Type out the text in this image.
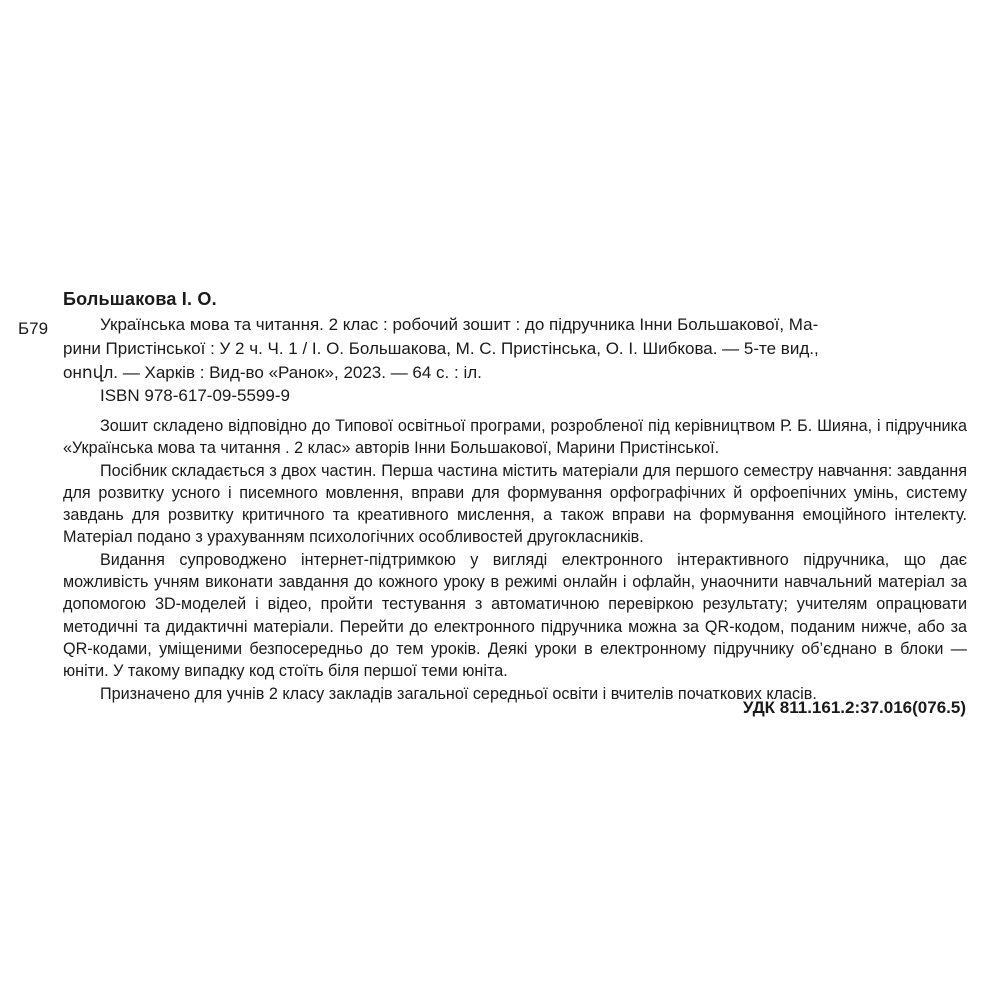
Большакова І. О.
Б79	Українська мова та читання. 2 клас : робочий зошит : до підручника Інни Большакової, Ма-
рини Пристінської : У 2 ч. Ч. 1 / І. О. Большакова, М. С. Пристінська, О. І. Шибкова. — 5-те вид.,
онովл. — Харків : Вид-во «Ранок», 2023. — 64 с. : іл.
ISBN 978-617-09-5599-9

Зошит складено відповідно до Типової освітньої програми, розробленої під керівництвом Р. Б. Шияна, і підручника «Українська мова та читання . 2 клас» авторів Інни Большакової, Марини Пристінської.

Посібник складається з двох частин. Перша частина містить матеріали для першого семестру навчання: завдання для розвитку усного і писемного мовлення, вправи для формування орфографічних й орфоепічних умінь, систему завдань для розвитку критичного та креативного мислення, а також вправи на формування емоційного інтелекту. Матеріал подано з урахуванням психологічних особливостей другокласників.

Видання супроводжено інтернет-підтримкою у вигляді електронного інтерактивного підручника, що дає можливість учням виконати завдання до кожного уроку в режимі онлайн і офлайн, унаочнити навчальний матеріал за допомогою 3D-моделей і відео, пройти тестування з автоматичною перевіркою результату; учителям опрацювати методичні та дидактичні матеріали. Перейти до електронного підручника можна за QR-кодом, поданим нижче, або за QR-кодами, уміщеними безпосередньо до тем уроків. Деякі уроки в електронному підручнику об’єднано в блоки — юніти. У такому випадку код стоїть біля першої теми юніта.

Призначено для учнів 2 класу закладів загальної середньої освіти і вчителів початкових класів.

УДК 811.161.2:37.016(076.5)
